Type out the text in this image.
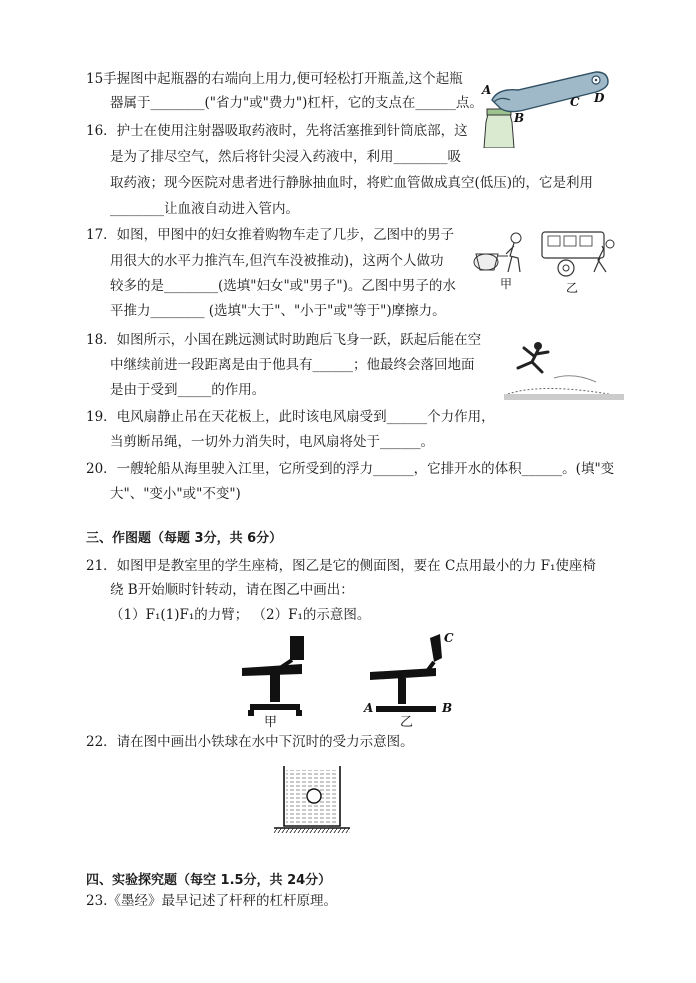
15手握图中起瓶器的右端向上用力,便可轻松打开瓶盖,这个起瓶
器属于________("省力"或"费力")杠杆，它的支点在______点。
A
B
C D
16．护士在使用注射器吸取药液时，先将活塞推到针筒底部，这
是为了排尽空气，然后将针尖浸入药液中，利用________吸
取药液；现今医院对患者进行静脉抽血时，将贮血管做成真空(低压)的，它是利用
________让血液自动进入管内。
17．如图，甲图中的妇女推着购物车走了几步，乙图中的男子
用很大的水平力推汽车,但汽车没被推动)，这两个人做功
较多的是________(选填"妇女"或"男子")。乙图中男子的水
平推力________ (选填"大于"、"小于"或"等于")摩擦力。
甲	乙
18．如图所示，小国在跳远测试时助跑后飞身一跃，跃起后能在空
中继续前进一段距离是由于他具有______；他最终会落回地面
是由于受到_____的作用。
19．电风扇静止吊在天花板上，此时该电风扇受到______个力作用，
当剪断吊绳，一切外力消失时，电风扇将处于______。
20．一艘轮船从海里驶入江里，它所受到的浮力______，它排开水的体积______。(填"变
大"、"变小"或"不变")
三、作图题（每题 3分，共 6分）
21．如图甲是教室里的学生座椅，图乙是它的侧面图，要在 C点用最小的力 F₁使座椅
绕 B开始顺时针转动，请在图乙中画出：
（1）F₁(1)F₁的力臂； （2）F₁的示意图。
甲	乙
A	B
C
22．请在图中画出小铁球在水中下沉时的受力示意图。
四、实验探究题（每空 1.5分，共 24分）
23.《墨经》最早记述了杆秤的杠杆原理。
